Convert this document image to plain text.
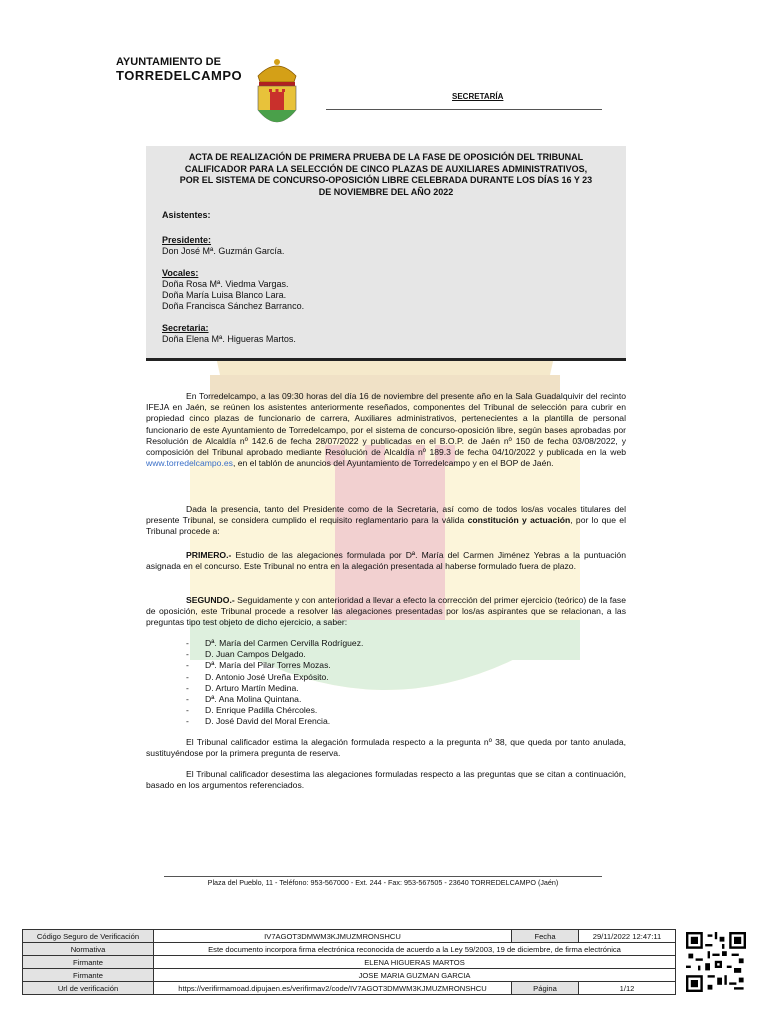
AYUNTAMIENTO DE
TORREDELCAMPO
SECRETARÍA
ACTA DE REALIZACIÓN DE PRIMERA PRUEBA DE LA FASE DE OPOSICIÓN DEL TRIBUNAL
CALIFICADOR PARA LA SELECCIÓN DE CINCO PLAZAS DE AUXILIARES ADMINISTRATIVOS,
POR EL SISTEMA DE CONCURSO-OPOSICIÓN LIBRE CELEBRADA DURANTE LOS DÍAS 16 Y 23
DE NOVIEMBRE DEL AÑO 2022
Asistentes:
Presidente:
Don José Mª. Guzmán García.
Vocales:
Doña Rosa Mª. Viedma Vargas.
Doña María Luisa Blanco Lara.
Doña Francisca Sánchez Barranco.
Secretaria:
Doña Elena Mª. Higueras Martos.
En Torredelcampo, a las 09:30 horas del día 16 de noviembre del presente año en la Sala Guadalquivir del recinto IFEJA en Jaén, se reúnen los asistentes anteriormente reseñados, componentes del Tribunal de selección para cubrir en propiedad cinco plazas de funcionario de carrera, Auxiliares administrativos, pertenecientes a la plantilla de personal funcionario de este Ayuntamiento de Torredelcampo, por el sistema de concurso-oposición libre, según bases aprobadas por Resolución de Alcaldía nº 142.6 de fecha 28/07/2022 y publicadas en el B.O.P. de Jaén nº 150 de fecha 03/08/2022, y composición del Tribunal aprobado mediante Resolución de Alcaldía nº 189.3 de fecha 04/10/2022 y publicada en la web www.torredelcampo.es, en el tablón de anuncios del Ayuntamiento de Torredelcampo y en el BOP de Jaén.
Dada la presencia, tanto del Presidente como de la Secretaria, así como de todos los/as vocales titulares del presente Tribunal, se considera cumplido el requisito reglamentario para la válida constitución y actuación, por lo que el Tribunal procede a:
PRIMERO.- Estudio de las alegaciones formulada por Dª. María del Carmen Jiménez Yebras a la puntuación asignada en el concurso. Este Tribunal no entra en la alegación presentada al haberse formulado fuera de plazo.
SEGUNDO.- Seguidamente y con anterioridad a llevar a efecto la corrección del primer ejercicio (teórico) de la fase de oposición, este Tribunal procede a resolver las alegaciones presentadas por los/as aspirantes que se relacionan, a las preguntas tipo test objeto de dicho ejercicio, a saber:
- Dª. María del Carmen Cervilla Rodríguez.
- D. Juan Campos Delgado.
- Dª. María del Pilar Torres Mozas.
- D. Antonio José Ureña Expósito.
- D. Arturo Martín Medina.
- Dª. Ana Molina Quintana.
- D. Enrique Padilla Chércoles.
- D. José David del Moral Erencia.
El Tribunal calificador estima la alegación formulada respecto a la pregunta nº 38, que queda por tanto anulada, sustituyéndose por la primera pregunta de reserva.
El Tribunal calificador desestima las alegaciones formuladas respecto a las preguntas que se citan a continuación, basado en los argumentos referenciados.
Plaza del Pueblo, 11 - Teléfono: 953-567000 - Ext. 244 - Fax: 953-567505 - 23640 TORREDELCAMPO (Jaén)
Código Seguro de Verificación	IV7AGOT3DMWM3KJMUZMRONSHCU	Fecha	29/11/2022 12:47:11
Normativa	Este documento incorpora firma electrónica reconocida de acuerdo a la Ley 59/2003, 19 de diciembre, de firma electrónica		
Firmante	ELENA HIGUERAS MARTOS		
Firmante	JOSE MARIA GUZMAN GARCIA		
Url de verificación	https://verifirmamoad.dipujaen.es/verifirmav2/code/IV7AGOT3DMWM3KJMUZMRONSHCU	Página	1/12
